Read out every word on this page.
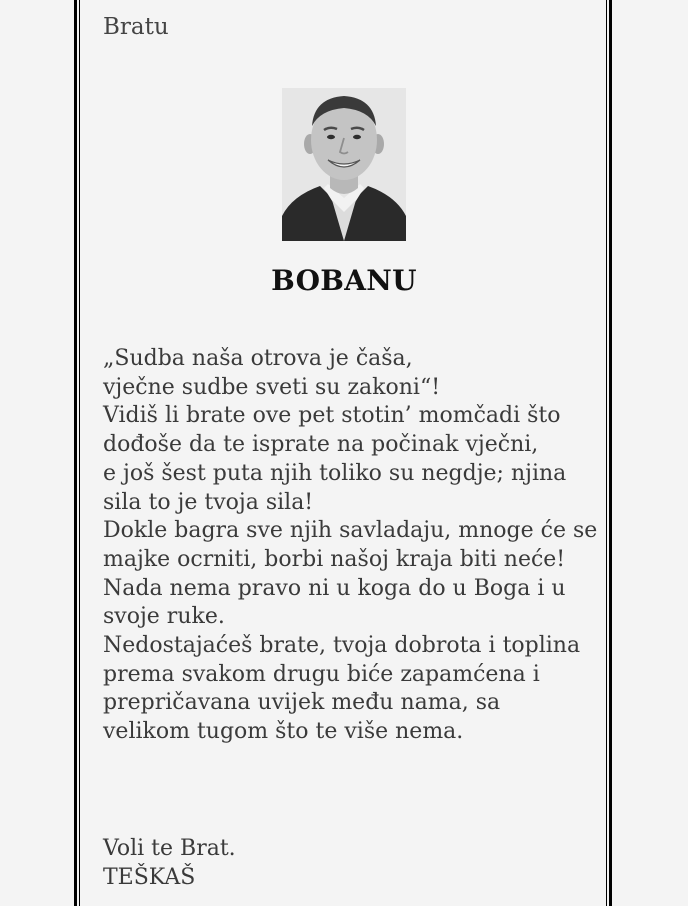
Bratu
BOBANU
„Sudba naša otrova je čaša,
vječne sudbe sveti su zakoni“!
Vidiš li brate ove pet stotin’ momčadi što
dođoše da te isprate na počinak vječni,
e još šest puta njih toliko su negdje; njina
sila to je tvoja sila!
Dokle bagra sve njih savladaju, mnoge će se
majke ocrniti, borbi našoj kraja biti neće!
Nada nema pravo ni u koga do u Boga i u
svoje ruke.
Nedostajaćeš brate, tvoja dobrota i toplina
prema svakom drugu biće zapamćena i
prepričavana uvijek među nama, sa
velikom tugom što te više nema.
Voli te Brat.
TEŠKAŠ
